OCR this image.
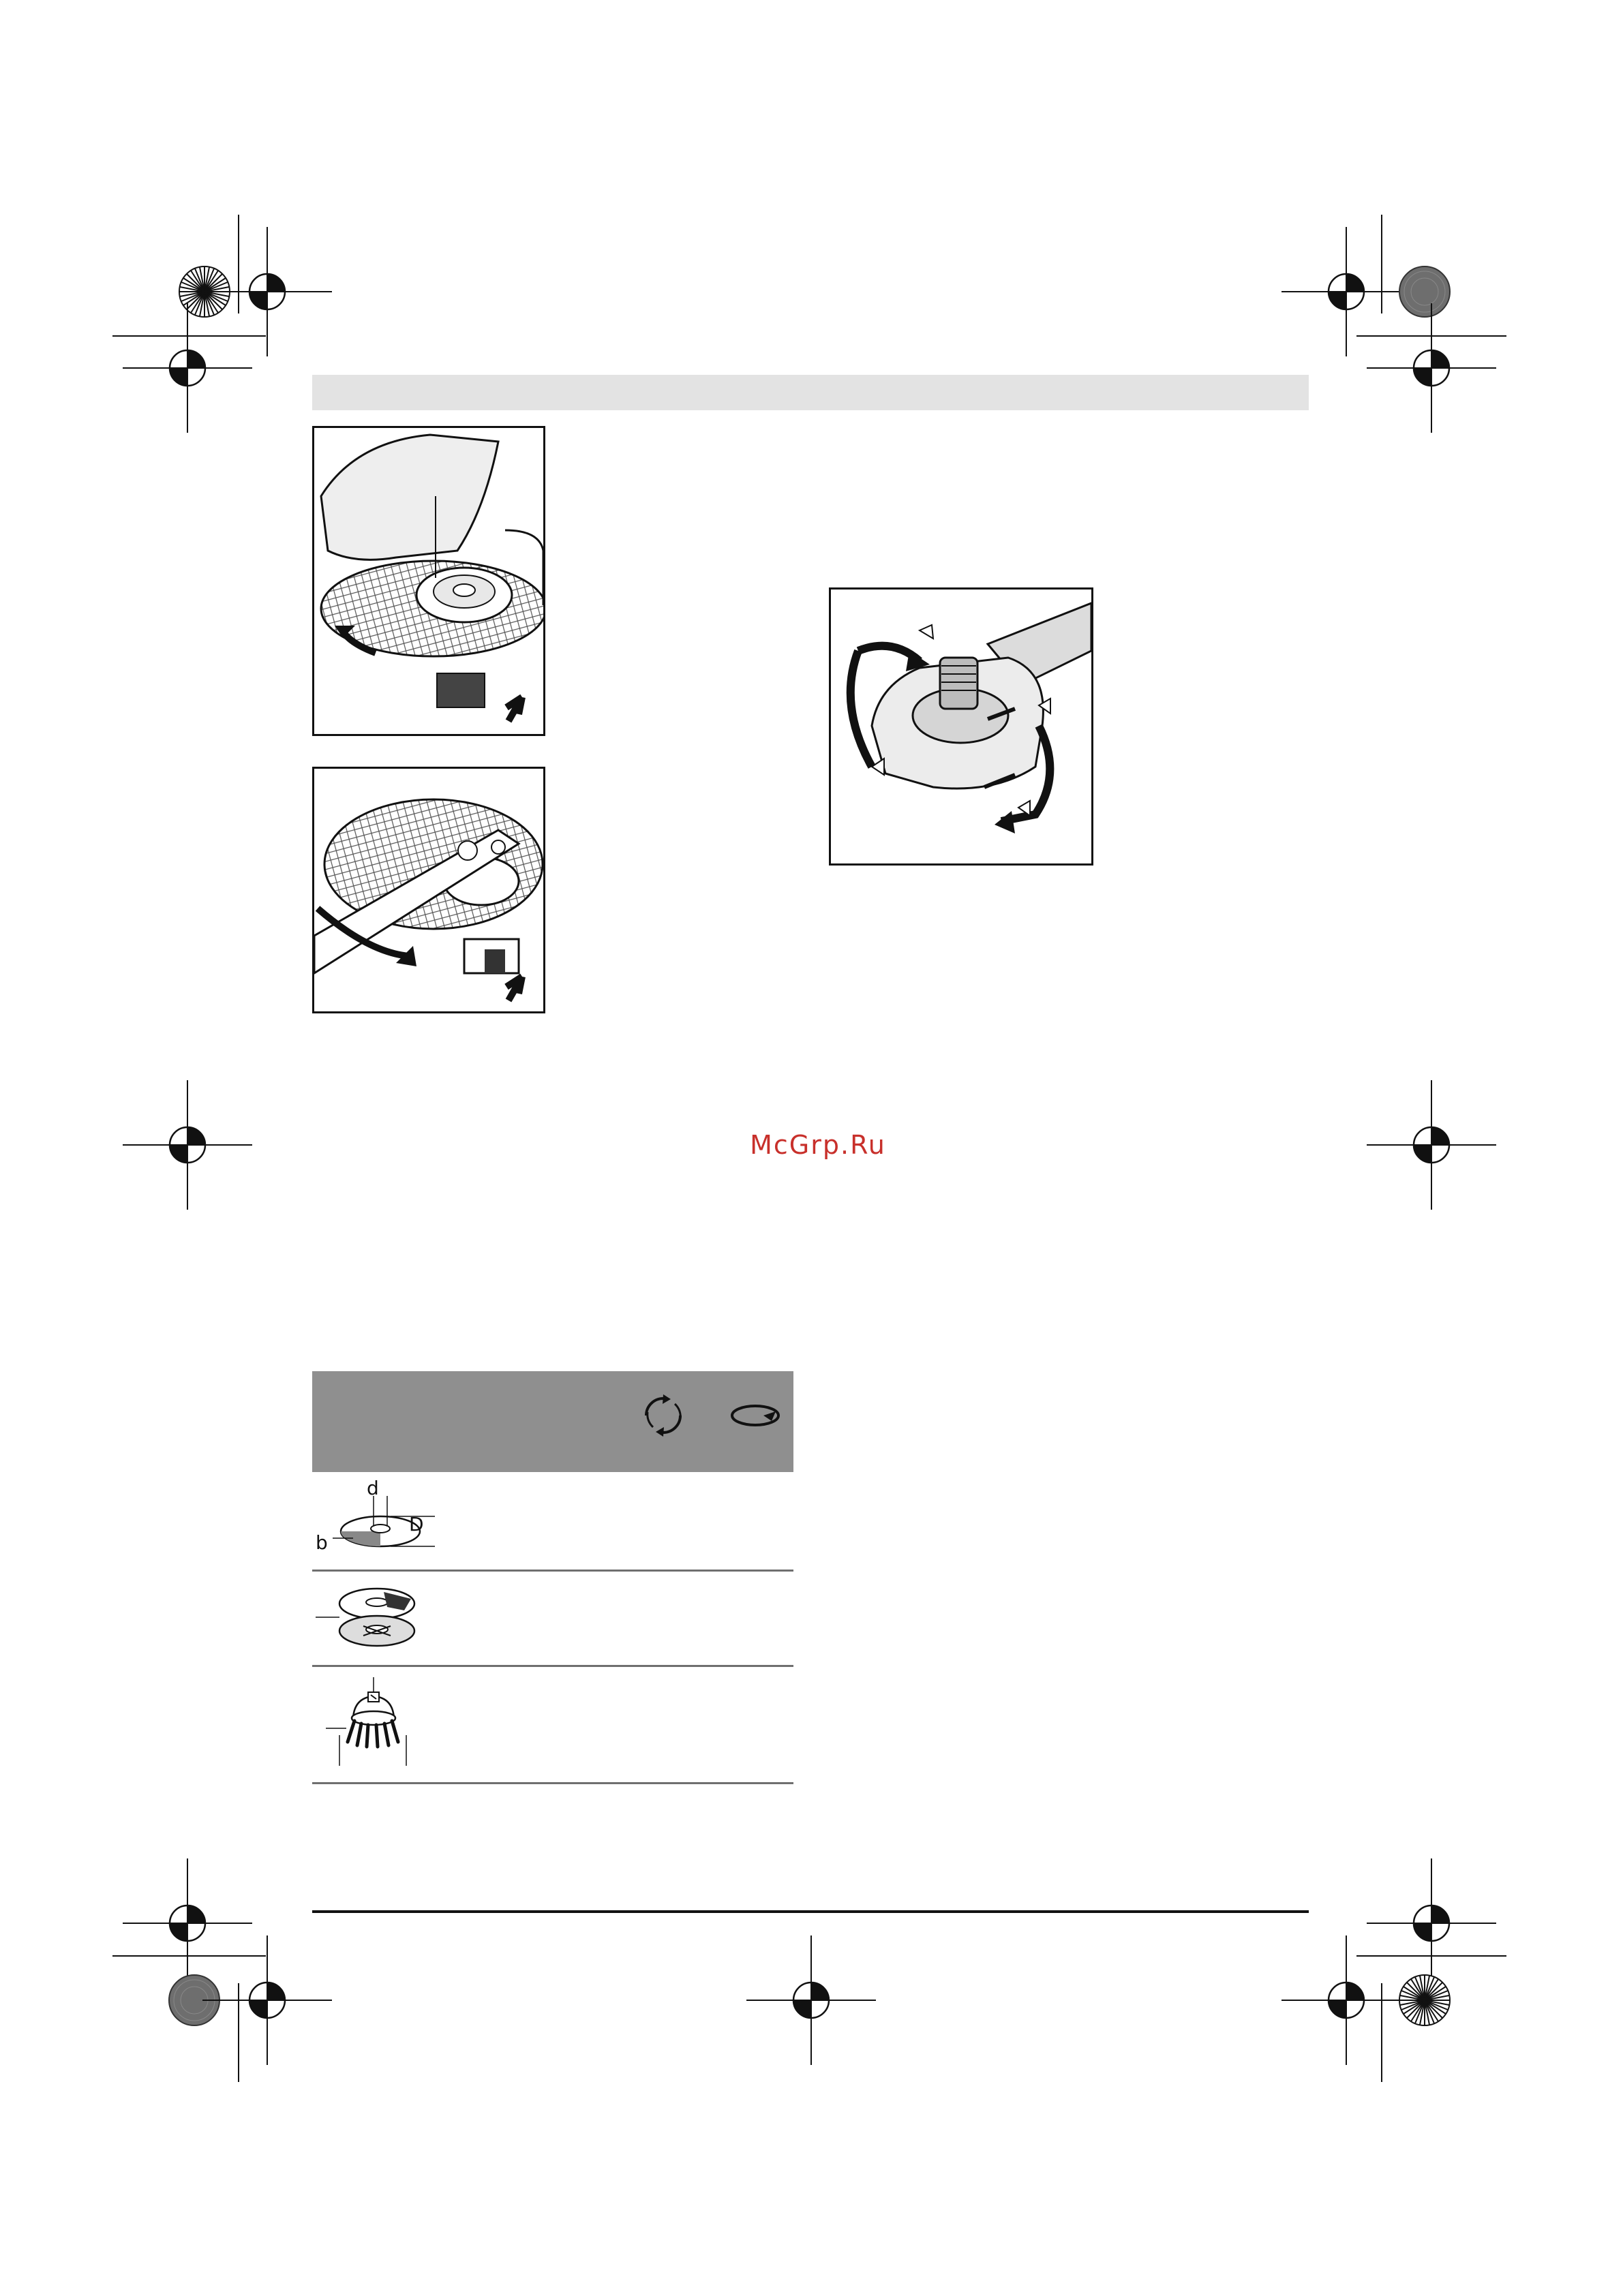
McGrp.Ru
d
D
b
